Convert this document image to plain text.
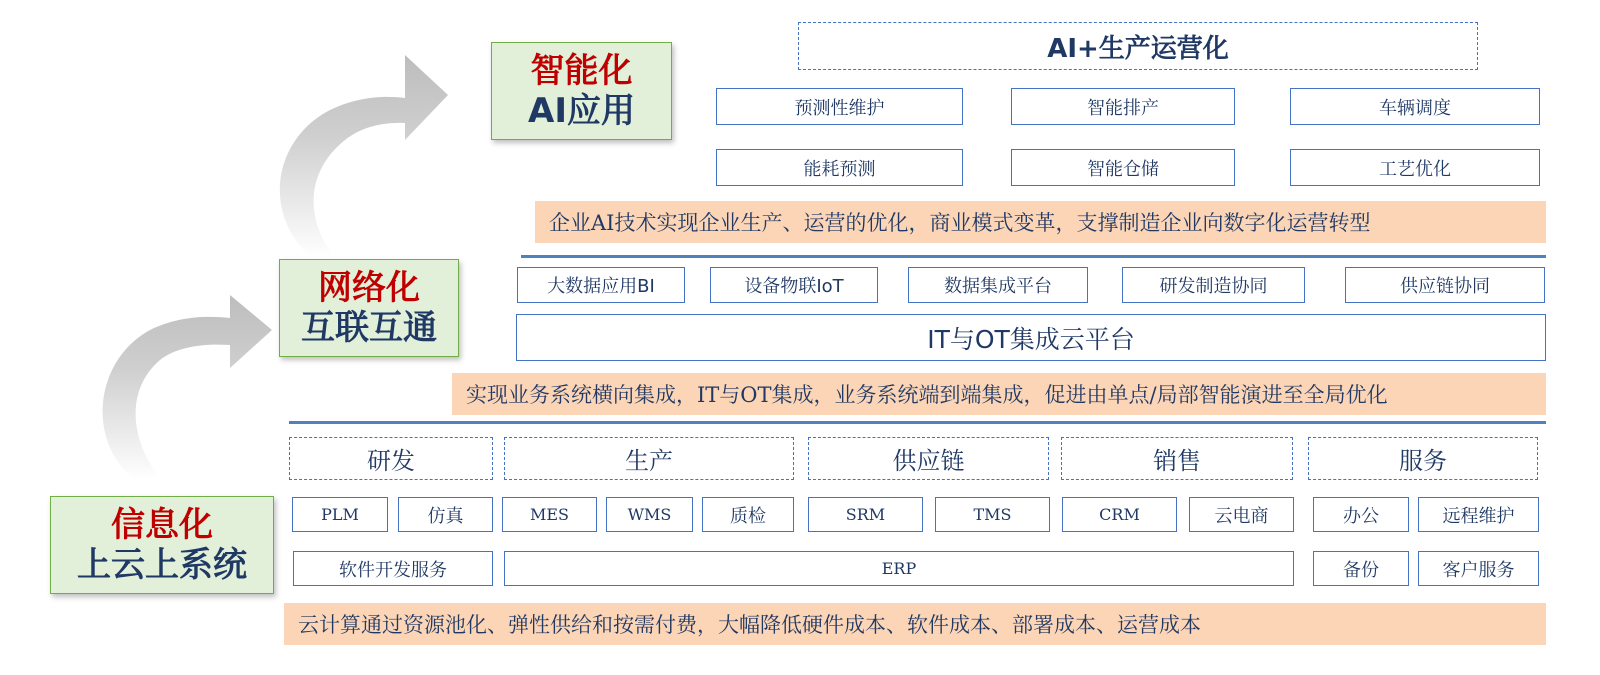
智能化
AI应用
网络化
互联互通
信息化
上云上系统
AI+生产运营化
预测性维护	智能排产	车辆调度
能耗预测	智能仓储	工艺优化
企业AI技术实现企业生产、运营的优化，商业模式变革，支撑制造企业向数字化运营转型
大数据应用BI	设备物联IoT	数据集成平台	研发制造协同	供应链协同
IT与OT集成云平台
实现业务系统横向集成，IT与OT集成，业务系统端到端集成，促进由单点/局部智能演进至全局优化
研发	生产	供应链	销售	服务
PLM	仿真	MES	WMS	质检	SRM	TMS	CRM	云电商	办公	远程维护
软件开发服务	ERP	备份	客户服务
云计算通过资源池化、弹性供给和按需付费，大幅降低硬件成本、软件成本、部署成本、运营成本
